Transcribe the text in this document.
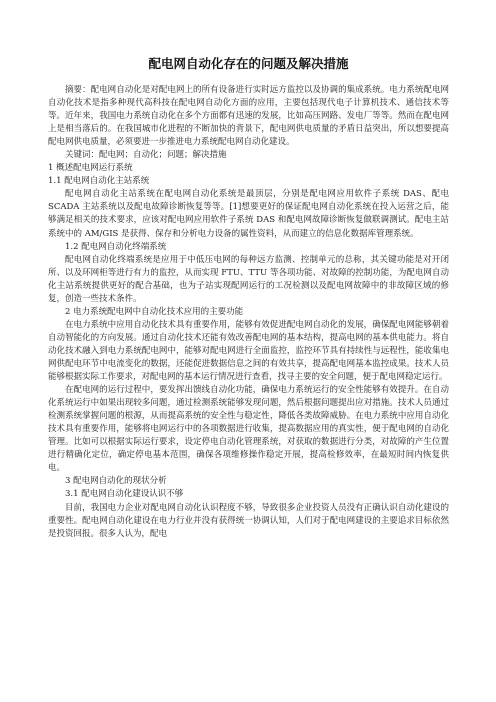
配电网自动化存在的问题及解决措施

摘要：配电网自动化是对配电网上的所有设备进行实时远方监控以及协调的集成系统。电力系统配电网自动化技术是指多种现代高科技在配电网自动化方面的应用，主要包括现代电子计算机技术、通信技术等等。近年来，我国电力系统自动化在多个方面都有迅速的发展，比如高压网路、发电厂等等。然而在配电网上是相当落后的。在我国城市化进程的不断加快的背景下，配电网供电质量的矛盾日益突出，所以想要提高配电网供电质量，必须要进一步推进电力系统配电网自动化建设。

关键词：配电网；自动化；问题；解决措施

1 概述配电网运行系统

1.1 配电网自动化主站系统

配电网自动化主站系统在配电网自动化系统是最顶层，分别是配电网应用软件子系统 DAS、配电 SCADA 主站系统以及配电故障诊断恢复等等。[1]想要更好的保证配电网自动化系统在投入运营之后，能够满足相关的技术要求，应该对配电网应用软件子系统 DAS 和配电网故障诊断恢复做联调测试。配电主站系统中的 AM/GIS 是获得、保存和分析电力设备的属性资料，从而建立的信息化数据库管理系统。

1.2 配电网自动化终端系统

配电网自动化终端系统是应用于中低压电网的每种远方监测、控制单元的总称，其关键功能是对开闭所、以及环网柜等进行有力的监控，从而实现 FTU、TTU 等各项功能、对故障的控制功能，为配电网自动化主站系统提供更好的配合基础，也为子站实现配网运行的工况检测以及配电网故障中的非故障区域的修复，创造一些技术条件。

2 电力系统配电网中自动化技术应用的主要功能

在电力系统中应用自动化技术具有重要作用，能够有效促进配电网自动化的发展，确保配电网能够朝着自动智能化的方向发展。通过自动化技术还能有效改善配电网的基本结构，提高电网的基本供电能力。将自动化技术融入到电力系统配电网中，能够对配电网进行全面监控，监控环节具有持续性与远程性，能收集电网供配电环节中电流变化的数据，还能促进数据信息之间的有效共享，提高配电网基本监控成果。技术人员能够根据实际工作要求，对配电网的基本运行情况进行查看，找寻主要的安全问题，便于配电网稳定运行。

在配电网的运行过程中，要发挥出馈线自动化功能，确保电力系统运行的安全性能够有效提升。在自动化系统运行中如果出现较多问题，通过检测系统能够发现问题，然后根据问题提出应对措施。技术人员通过检测系统掌握问题的根源，从而提高系统的安全性与稳定性，降低各类故障威胁。在电力系统中应用自动化技术具有重要作用，能够将电网运行中的各项数据进行收集，提高数据应用的真实性，便于配电网的自动化管理。比如可以根据实际运行要求，设定停电自动化管理系统，对获取的数据进行分类，对故障的产生位置进行精确化定位，确定停电基本范围，确保各项维修操作稳定开展，提高检修效率，在最短时间内恢复供电。

3 配电网自动化的现状分析

3.1 配电网自动化建设认识不够

目前，我国电力企业对配电网自动化认识程度不够，导致很多企业投资人员没有正确认识自动化建设的重要性。配电网自动化建设在电力行业并没有获得统一协调认知，人们对于配电网建设的主要追求目标依然是投资回报。很多人认为，配电
